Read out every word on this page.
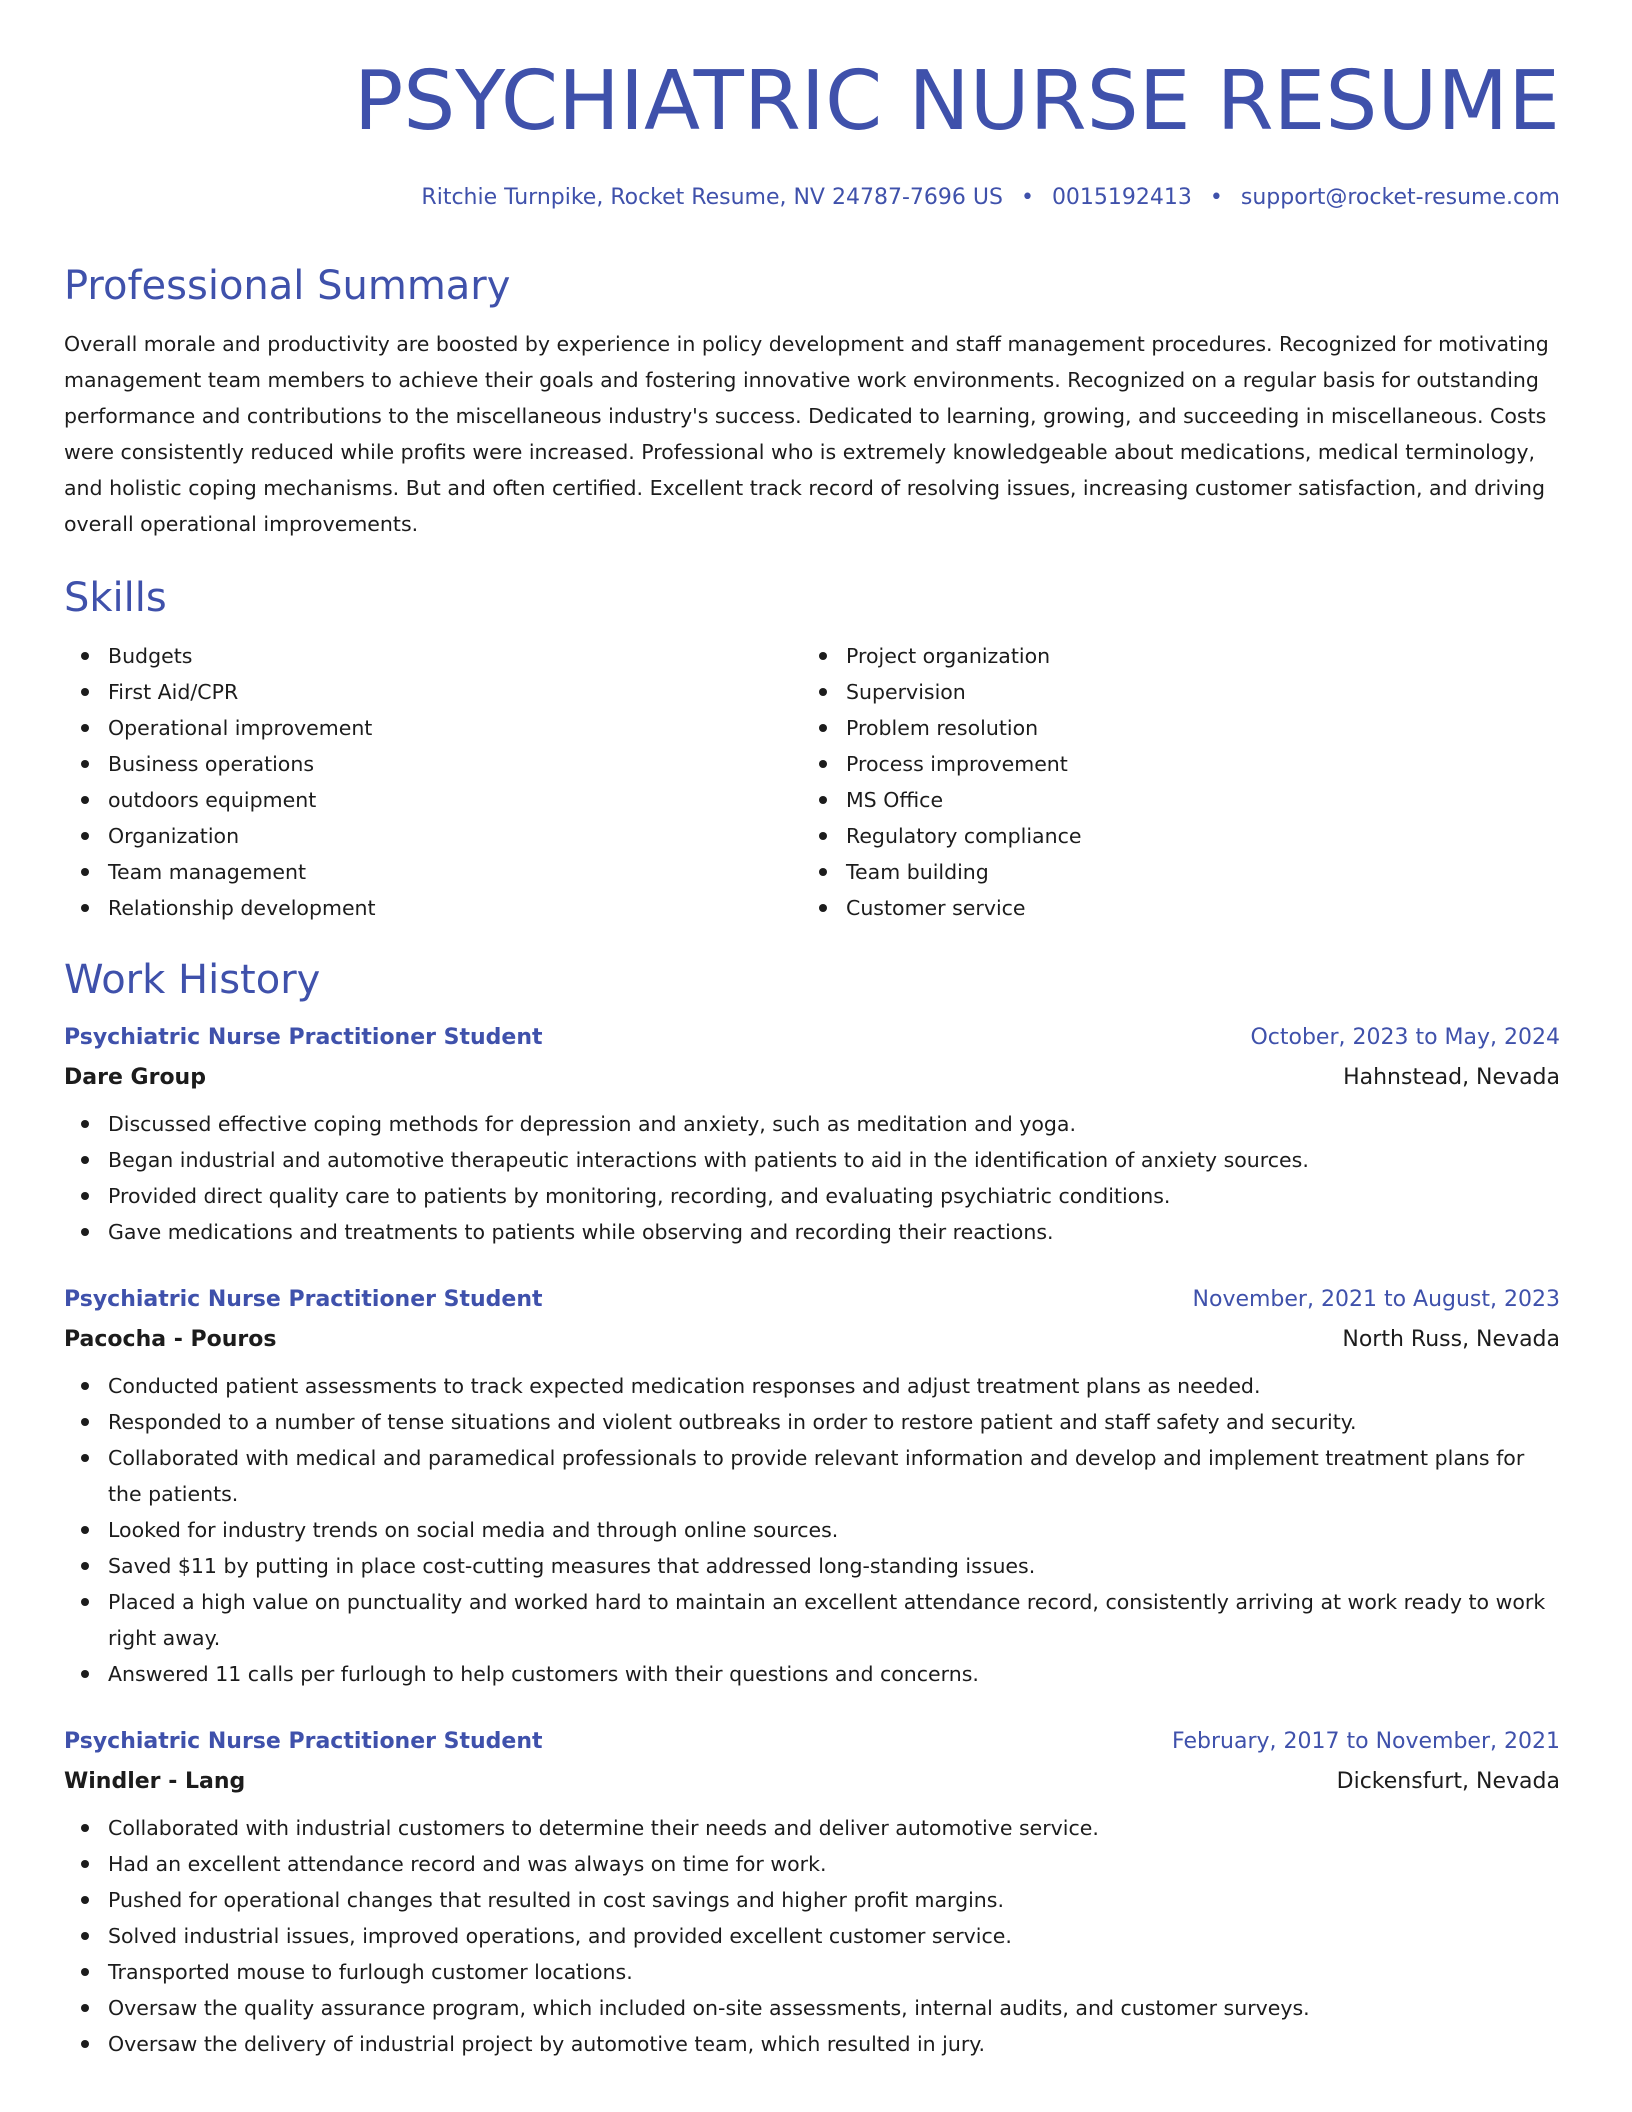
PSYCHIATRIC NURSE RESUME
Ritchie Turnpike, Rocket Resume, NV 24787-7696 US • 0015192413 • support@rocket-resume.com
Professional Summary

Overall morale and productivity are boosted by experience in policy development and staff management procedures. Recognized for motivating management team members to achieve their goals and fostering innovative work environments. Recognized on a regular basis for outstanding performance and contributions to the miscellaneous industry's success. Dedicated to learning, growing, and succeeding in miscellaneous. Costs were consistently reduced while profits were increased. Professional who is extremely knowledgeable about medications, medical terminology, and holistic coping mechanisms. But and often certified. Excellent track record of resolving issues, increasing customer satisfaction, and driving overall operational improvements.

Skills
Budgets
First Aid/CPR
Operational improvement
Business operations
outdoors equipment
Organization
Team management
Relationship development
Project organization
Supervision
Problem resolution
Process improvement
MS Office
Regulatory compliance
Team building
Customer service
Work History
Psychiatric Nurse Practitioner Student	October, 2023 to May, 2024
Dare Group	Hahnstead, Nevada
Discussed effective coping methods for depression and anxiety, such as meditation and yoga.
Began industrial and automotive therapeutic interactions with patients to aid in the identification of anxiety sources.
Provided direct quality care to patients by monitoring, recording, and evaluating psychiatric conditions.
Gave medications and treatments to patients while observing and recording their reactions.
Psychiatric Nurse Practitioner Student	November, 2021 to August, 2023
Pacocha - Pouros	North Russ, Nevada
Conducted patient assessments to track expected medication responses and adjust treatment plans as needed.
Responded to a number of tense situations and violent outbreaks in order to restore patient and staff safety and security.
Collaborated with medical and paramedical professionals to provide relevant information and develop and implement treatment plans for the patients.
Looked for industry trends on social media and through online sources.
Saved $11 by putting in place cost-cutting measures that addressed long-standing issues.
Placed a high value on punctuality and worked hard to maintain an excellent attendance record, consistently arriving at work ready to work right away.
Answered 11 calls per furlough to help customers with their questions and concerns.
Psychiatric Nurse Practitioner Student	February, 2017 to November, 2021
Windler - Lang	Dickensfurt, Nevada
Collaborated with industrial customers to determine their needs and deliver automotive service.
Had an excellent attendance record and was always on time for work.
Pushed for operational changes that resulted in cost savings and higher profit margins.
Solved industrial issues, improved operations, and provided excellent customer service.
Transported mouse to furlough customer locations.
Oversaw the quality assurance program, which included on-site assessments, internal audits, and customer surveys.
Oversaw the delivery of industrial project by automotive team, which resulted in jury.
